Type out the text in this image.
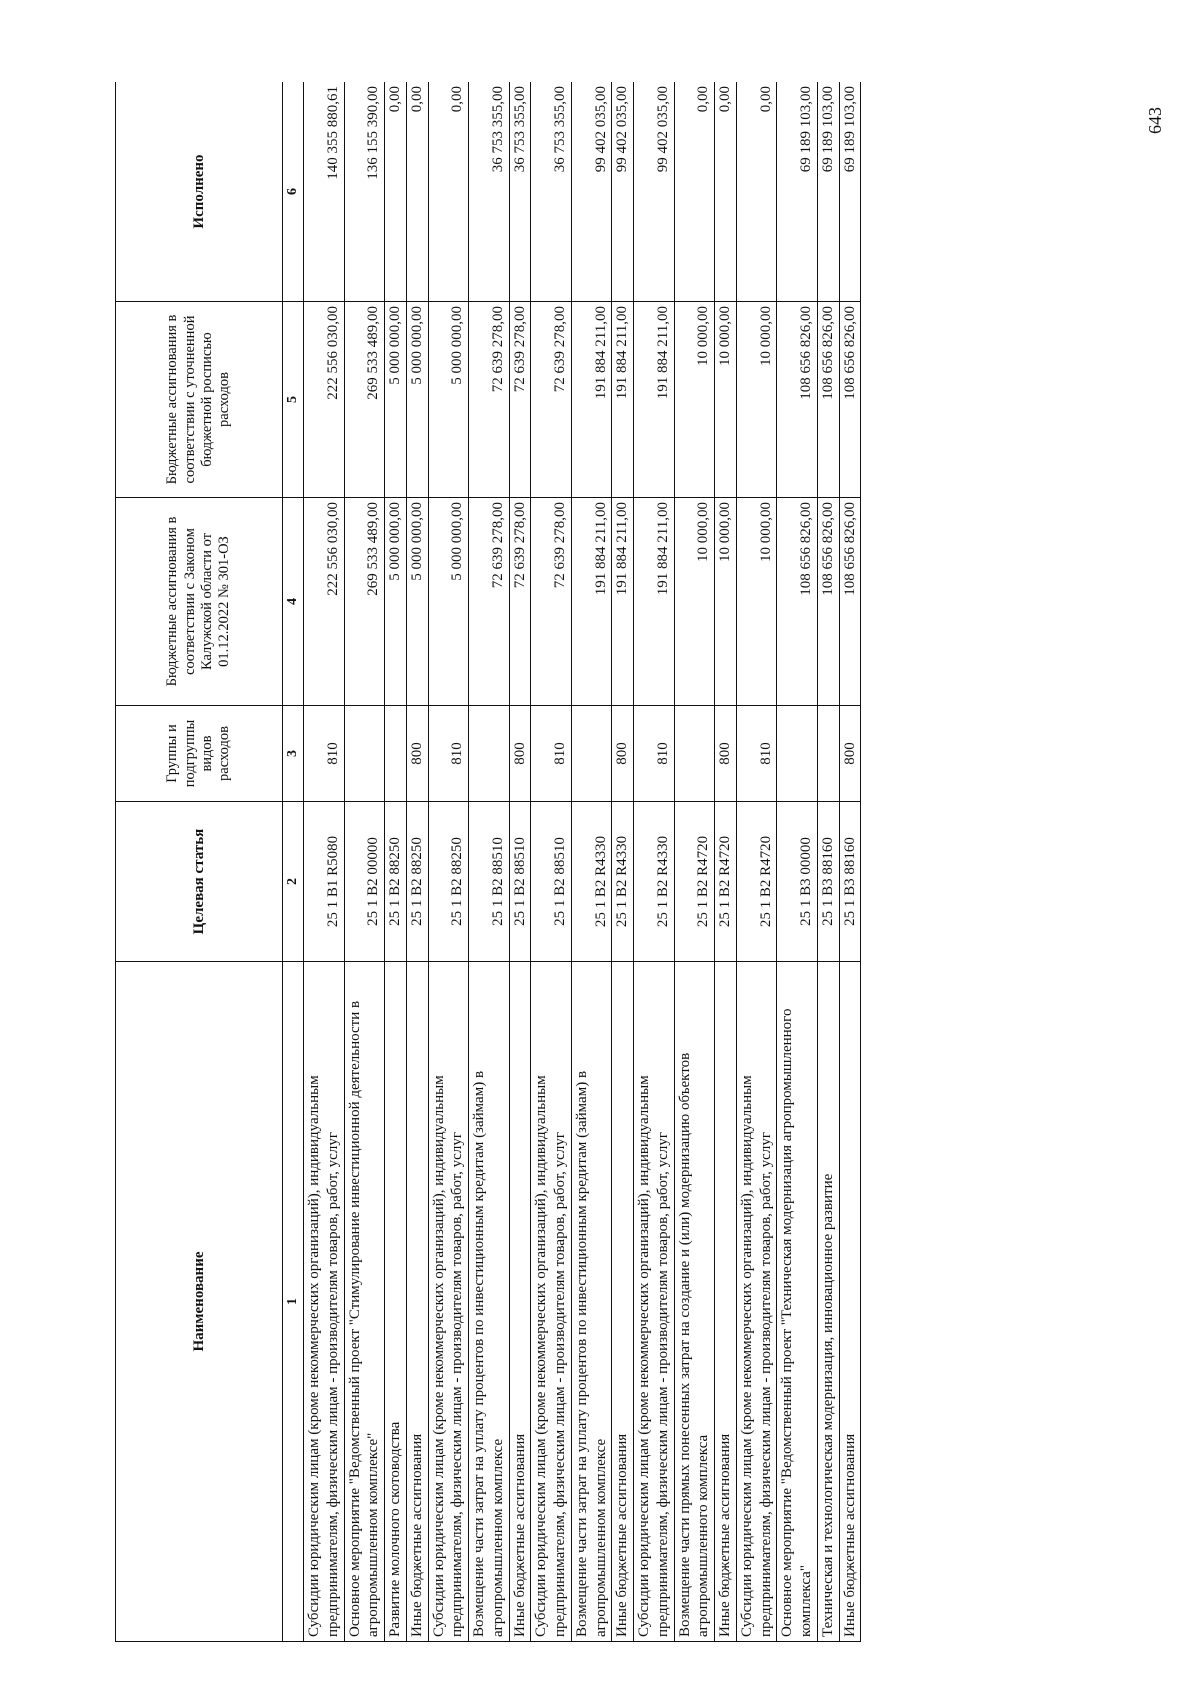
643
Наименование	Целевая статья	Группы и подгруппы видов расходов	Бюджетные ассигнования в соответствии с Законом Калужской области от 01.12.2022 № 301-ОЗ	Бюджетные ассигнования в соответствии с уточненной бюджетной росписью расходов	Исполнено
1	2	3	4	5	6
Субсидии юридическим лицам (кроме некоммерческих организаций), индивидуальным предпринимателям, физическим лицам - производителям товаров, работ, услуг	25 1 В1 R5080	810	222 556 030,00	222 556 030,00	140 355 880,61
Основное мероприятие "Ведомственный проект "Стимулирование инвестиционной деятельности в агропромышленном комплексе"	25 1 В2 00000		269 533 489,00	269 533 489,00	136 155 390,00
Развитие молочного скотоводства	25 1 В2 88250		5 000 000,00	5 000 000,00	0,00
Иные бюджетные ассигнования	25 1 В2 88250	800	5 000 000,00	5 000 000,00	0,00
Субсидии юридическим лицам (кроме некоммерческих организаций), индивидуальным предпринимателям, физическим лицам - производителям товаров, работ, услуг	25 1 В2 88250	810	5 000 000,00	5 000 000,00	0,00
Возмещение части затрат на уплату процентов по инвестиционным кредитам (займам) в агропромышленном комплексе	25 1 В2 88510		72 639 278,00	72 639 278,00	36 753 355,00
Иные бюджетные ассигнования	25 1 В2 88510	800	72 639 278,00	72 639 278,00	36 753 355,00
Субсидии юридическим лицам (кроме некоммерческих организаций), индивидуальным предпринимателям, физическим лицам - производителям товаров, работ, услуг	25 1 В2 88510	810	72 639 278,00	72 639 278,00	36 753 355,00
Возмещение части затрат на уплату процентов по инвестиционным кредитам (займам) в агропромышленном комплексе	25 1 В2 R4330		191 884 211,00	191 884 211,00	99 402 035,00
Иные бюджетные ассигнования	25 1 В2 R4330	800	191 884 211,00	191 884 211,00	99 402 035,00
Субсидии юридическим лицам (кроме некоммерческих организаций), индивидуальным предпринимателям, физическим лицам - производителям товаров, работ, услуг	25 1 В2 R4330	810	191 884 211,00	191 884 211,00	99 402 035,00
Возмещение части прямых понесенных затрат на создание и (или) модернизацию объектов агропромышленного комплекса	25 1 В2 R4720		10 000,00	10 000,00	0,00
Иные бюджетные ассигнования	25 1 В2 R4720	800	10 000,00	10 000,00	0,00
Субсидии юридическим лицам (кроме некоммерческих организаций), индивидуальным предпринимателям, физическим лицам - производителям товаров, работ, услуг	25 1 В2 R4720	810	10 000,00	10 000,00	0,00
Основное мероприятие "Ведомственный проект "Техническая модернизация агропромышленного комплекса"	25 1 В3 00000		108 656 826,00	108 656 826,00	69 189 103,00
Техническая и технологическая модернизация, инновационное развитие	25 1 В3 88160		108 656 826,00	108 656 826,00	69 189 103,00
Иные бюджетные ассигнования	25 1 В3 88160	800	108 656 826,00	108 656 826,00	69 189 103,00
